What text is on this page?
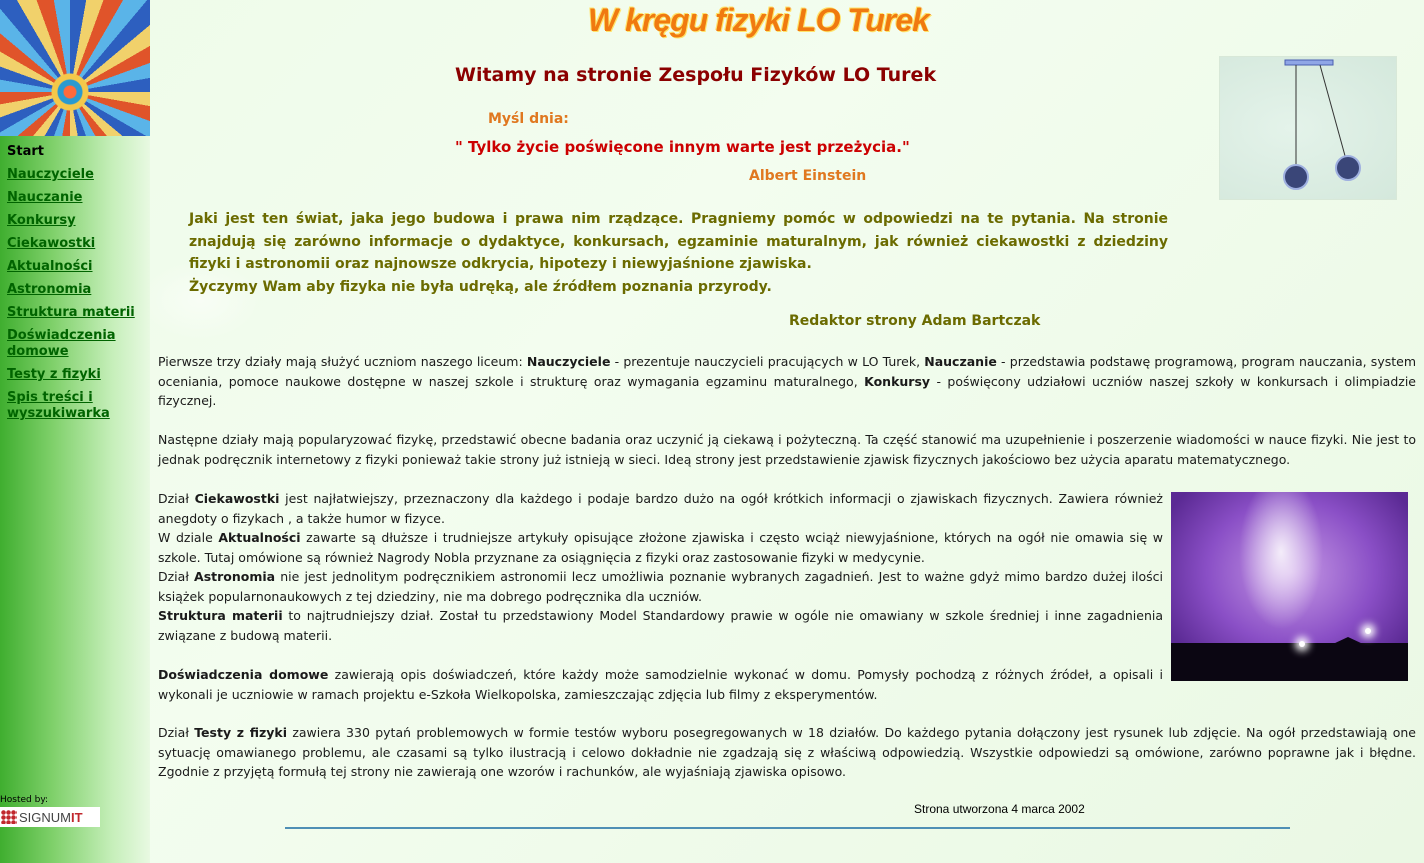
Start
Nauczyciele
Nauczanie
Konkursy
Ciekawostki
Aktualności
Astronomia
Struktura materii
Doświadczenia domowe
Testy z fizyki
Spis treści i wyszukiwarka
Hosted by:
SIGNUM IT
W kręgu fizyki LO Turek
Witamy na stronie Zespołu Fizyków LO Turek
Myśl dnia:
" Tylko życie poświęcone innym warte jest przeżycia."
Albert Einstein

Jaki jest ten świat, jaka jego budowa i prawa nim rządzące. Pragniemy pomóc w odpowiedzi na te pytania. Na stronie znajdują się zarówno informacje o dydaktyce, konkursach, egzaminie maturalnym, jak również ciekawostki z dziedziny fizyki i astronomii oraz najnowsze odkrycia, hipotezy i niewyjaśnione zjawiska.

Życzymy Wam aby fizyka nie była udręką, ale źródłem poznania przyrody.

Redaktor strony Adam Bartczak
Pierwsze trzy działy mają służyć uczniom naszego liceum: Nauczyciele - prezentuje nauczycieli pracujących w LO Turek, Nauczanie - przedstawia podstawę programową, program nauczania, system oceniania, pomoce naukowe dostępne w naszej szkole i strukturę oraz wymagania egzaminu maturalnego, Konkursy - poświęcony udziałowi uczniów naszej szkoły w konkursach i olimpiadzie fizycznej.
Następne działy mają popularyzować fizykę, przedstawić obecne badania oraz uczynić ją ciekawą i pożyteczną. Ta część stanowić ma uzupełnienie i poszerzenie wiadomości w nauce fizyki. Nie jest to jednak podręcznik internetowy z fizyki ponieważ takie strony już istnieją w sieci. Ideą strony jest przedstawienie zjawisk fizycznych jakościowo bez użycia aparatu matematycznego.

Dział Ciekawostki jest najłatwiejszy, przeznaczony dla każdego i podaje bardzo dużo na ogół krótkich informacji o zjawiskach fizycznych. Zawiera również anegdoty o fizykach , a także humor w fizyce.

W dziale Aktualności zawarte są dłuższe i trudniejsze artykuły opisujące złożone zjawiska i często wciąż niewyjaśnione, których na ogół nie omawia się w szkole. Tutaj omówione są również Nagrody Nobla przyznane za osiągnięcia z fizyki oraz zastosowanie fizyki w medycynie.

Dział Astronomia nie jest jednolitym podręcznikiem astronomii lecz umożliwia poznanie wybranych zagadnień. Jest to ważne gdyż mimo bardzo dużej ilości książek popularnonaukowych z tej dziedziny, nie ma dobrego podręcznika dla uczniów.

Struktura materii to najtrudniejszy dział. Został tu przedstawiony Model Standardowy prawie w ogóle nie omawiany w szkole średniej i inne zagadnienia związane z budową materii.

Doświadczenia domowe zawierają opis doświadczeń, które każdy może samodzielnie wykonać w domu. Pomysły pochodzą z różnych źródeł, a opisali i wykonali je uczniowie w ramach projektu e-Szkoła Wielkopolska, zamieszczając zdjęcia lub filmy z eksperymentów.
Dział Testy z fizyki zawiera 330 pytań problemowych w formie testów wyboru posegregowanych w 18 działów. Do każdego pytania dołączony jest rysunek lub zdjęcie. Na ogół przedstawiają one sytuację omawianego problemu, ale czasami są tylko ilustracją i celowo dokładnie nie zgadzają się z właściwą odpowiedzią. Wszystkie odpowiedzi są omówione, zarówno poprawne jak i błędne. Zgodnie z przyjętą formułą tej strony nie zawierają one wzorów i rachunków, ale wyjaśniają zjawiska opisowo.
Strona utworzona 4 marca 2002
